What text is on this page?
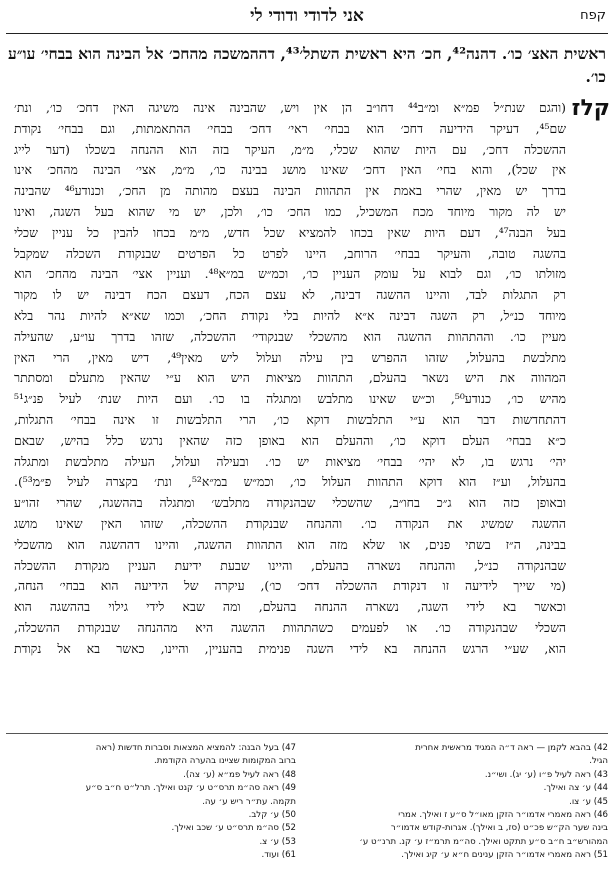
קפח
אני לדודי ודודי לי
ראשית האצ׳ כו׳. דהנה⁴², חכ׳ היא ראשית השתל׳⁴³, דההמשכה מהחכ׳ אל הבינה הוא בבחי׳ עו״ע כו׳.
קלז
(והגם שנת״ל פמ״א ומ״ב⁴⁴ דחו״ב הן אין ויש, שהבינה אינה משיגה האין דחכ׳ כו׳, ונת׳
שם⁴⁵, דעיקר הידיעה דחכ׳ הוא בבחי׳ ראי׳ דחכ׳ בבחי׳ ההתאמתות, וגם בבחי׳ נקודת
ההשכלה דחכ׳, עם היות שהוא שכלי, מ״מ, העיקר בזה הוא ההנחה בשכלו (דער לייג
אין שכל), והוא בחי׳ האין דחכ׳ שאינו מושג בבינה כו׳, מ״מ, אצי׳ הבינה מהחכ׳ אינו
בדרך יש מאין, שהרי באמת אין התהוות הבינה בעצם מהותה מן החכ׳, וכנודע⁴⁶ שהבינה
יש לה מקור מיוחד מכח המשכיל, כמו החכ׳ כו׳, ולכן, יש מי שהוא בעל השגה, ואינו
בעל הבנה⁴⁷, דעם היות שאין בכחו להמציא שכל חדש, מ״מ בכחו להבין כל עניין שכלי
בהשגה טובה, והעיקר בבחי׳ הרוחב, היינו לפרט כל הפרטים שבנקודת השכלה שמקבל
מזולתו כו׳, וגם לבוא על עומק העניין כו׳, וכמ״ש במ״א⁴⁸. ועניין אצי׳ הבינה מהחכ׳ הוא
רק התגלות לבד, והיינו ההשגה דבינה, לא עצם הכח, דעצם הכח דבינה יש לו מקור
מיוחד כנ״ל, רק השגה דבינה א״א להיות בלי נקודת החכ׳, וכמו שא״א להיות נהר בלא
מעיין כו׳. וההתהוות ההשגה הוא מהשכלי שבנקודי׳ ההשכלה, שזהו בדרך עו״ע, שהעילה
מתלבשת בהעלול, שזהו ההפרש בין עילה ועלול ליש מאין⁴⁹, דיש מאין, הרי האין
המהווה את היש נשאר בהעלם, התהוות מציאות היש הוא ע״י שהאין מתעלם ומסתתר
מהיש כו׳, כנודע⁵⁰, וכ״ש שאינו מתלבש ומתגלה בו כו׳. ועם היות שנת׳ לעיל פנ״ג⁵¹
דהתחדשות דבר הוא ע״י התלבשות דוקא כו׳, הרי התלבשות זו אינה בבחי׳ התגלות,
כ״א בבחי׳ העלם דוקא כו׳, וההעלם הוא באופן כזה שהאין נרגש כלל בהיש, שבאם
יהי׳ נרגש בו, לא יהי׳ בבחי׳ מציאות יש כו׳. ובעילה ועלול, העילה מתלבשת ומתגלה
בהעלול, וע״ז הוא דוקא התהוות העלול כו׳, וכמ״ש במ״א⁵², ונת׳ בקצרה לעיל פ״מ⁵³).
ובאופן כזה הוא ג״כ בחו״ב, שהשכלי שבהנקודה מתלבש׳ ומתגלה בההשגה, שהרי זהו״ע
ההשגה שמשיג את הנקודה כו׳. וההנחה שבנקודת ההשכלה, שזהו האין שאינו מושג
בבינה, ה״ז בשתי פנים, או שלא מזה הוא התהוות ההשגה, והיינו דההשגה הוא מהשכלי
שבהנקודה כנ״ל, וההנחה נשארה בהעלם, והיינו שבעת ידיעת העניין מנקודת ההשכלה
(מי שייך לידיעה זו דנקודת ההשכלה דחכ׳ כו׳), עיקרה של הידיעה הוא בבחי׳ הנחה,
וכאשר בא לידי השגה, נשארה ההנחה בהעלם, ומה שבא לידי גילוי בההשגה הוא
השכלי שבהנקודה כו׳. או לפעמים כשהתהוות ההשגה היא מההנחה שבנקודת ההשכלה,
הוא, שע״י הרגש ההנחה בא לידי השגה פנימית בהעניין, והיינו, כאשר בא אל נקודת
42) בהבא לקמן — ראה ד״ה המגיד מראשית אחרית
הגיל.
43) ראה לעיל פ״ו (ע׳ יג). ושי״נ.
44) ע׳ צה ואילך.
45) ע׳ צו.
46) ראה מאמרי אדמו״ר הזקן מאו״ל ס״ע ז ואילך. אמרי
בינה שער הק״ש פכ״ט (סז, ב ואילך). אגרות-קודש אדמו״ר
המהורש״ב ח״ב ס״ע תתקט ואילך. סה״מ תרמ״ז ע׳ קנ. תרנ״ט ע׳
51) ראה מאמרי אדמו״ר הזקן ענינים ח״א ע׳ קיג ואילך.
47) בעל הבנה: להמציא המצאות וסברות חדשות (ראה
ברוב המקומות שציינו בהערה הקודמת.
48) ראה לעיל פמ״א (ע׳ צה).
49) ראה סה״מ תרס״ט ע׳ קנט ואילך. תרל״ט ח״ב ס״ע
תקמה. עת״ר ריש ע׳ עה.
50) ע׳ קלב.
52) סה״מ תרס״ט ע׳ שכב ואילך.
53) ע׳ צ.
61) ועוד.
